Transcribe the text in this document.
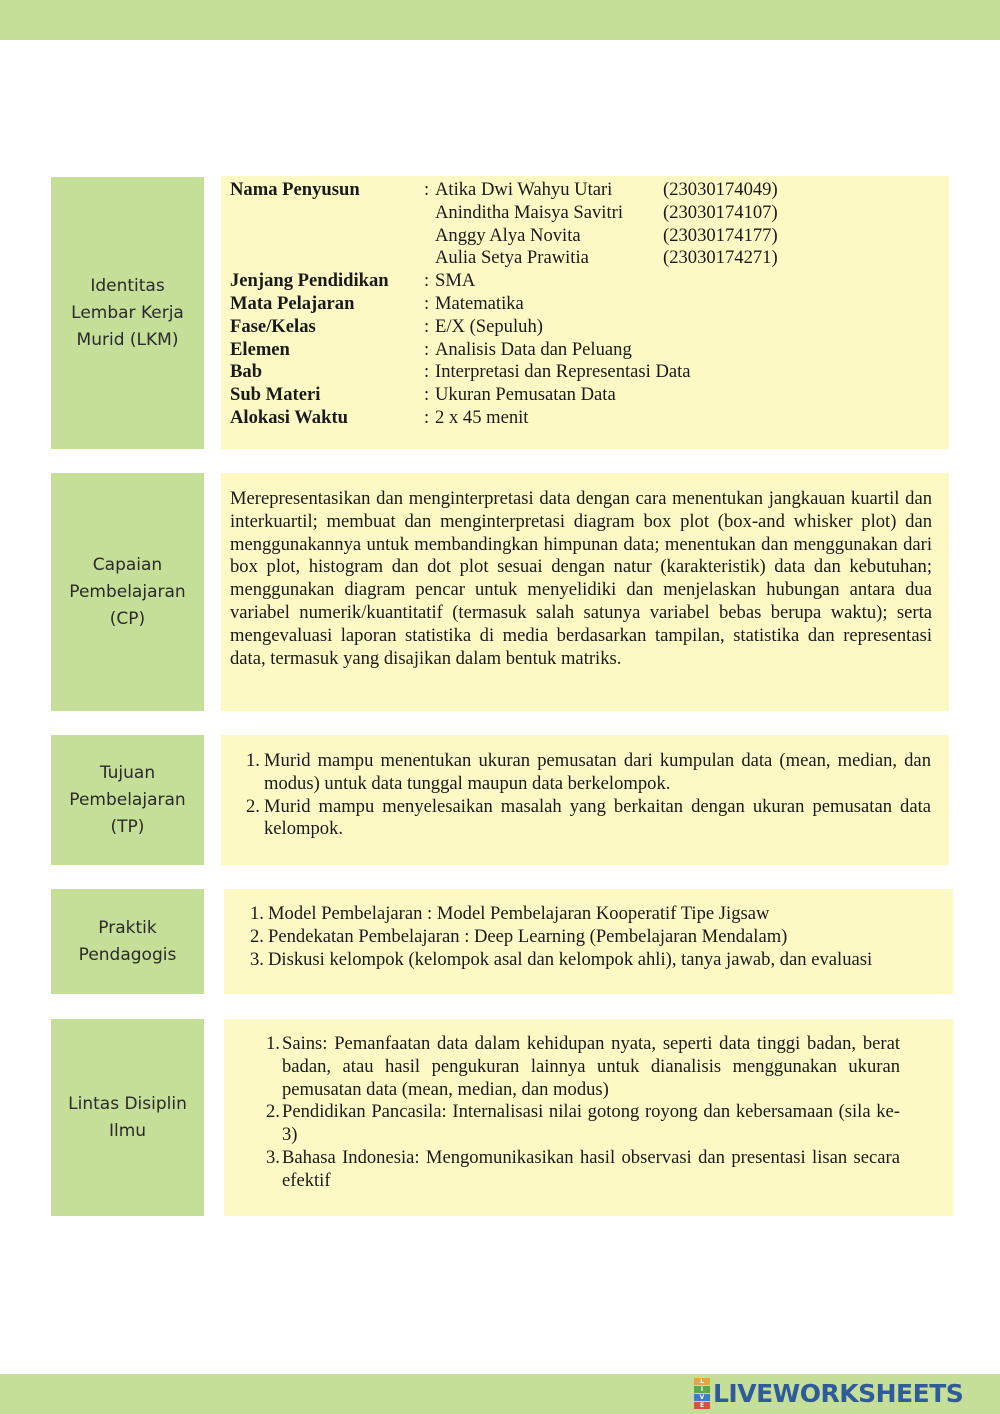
Identitas
Lembar Kerja
Murid (LKM)
Nama Penyusun	: Atika Dwi Wahyu Utari	(23030174049)
Aninditha Maisya Savitri	(23030174107)
Anggy Alya Novita	(23030174177)
Aulia Setya Prawitia	(23030174271)
Jenjang Pendidikan	: SMA
Mata Pelajaran	: Matematika
Fase/Kelas	: E/X (Sepuluh)
Elemen	: Analisis Data dan Peluang
Bab	: Interpretasi dan Representasi Data
Sub Materi	: Ukuran Pemusatan Data
Alokasi Waktu	: 2 x 45 menit
Capaian
Pembelajaran
(CP)
Merepresentasikan dan menginterpretasi data dengan cara menentukan jangkauan kuartil dan interkuartil; membuat dan menginterpretasi diagram box plot (box-and whisker plot) dan menggunakannya untuk membandingkan himpunan data; menentukan dan menggunakan dari box plot, histogram dan dot plot sesuai dengan natur (karakteristik) data dan kebutuhan; menggunakan diagram pencar untuk menyelidiki dan menjelaskan hubungan antara dua variabel numerik/kuantitatif (termasuk salah satunya variabel bebas berupa waktu); serta mengevaluasi laporan statistika di media berdasarkan tampilan, statistika dan representasi data, termasuk yang disajikan dalam bentuk matriks.
Tujuan
Pembelajaran
(TP)
1. Murid mampu menentukan ukuran pemusatan dari kumpulan data (mean, median, dan modus) untuk data tunggal maupun data berkelompok.
2. Murid mampu menyelesaikan masalah yang berkaitan dengan ukuran pemusatan data kelompok.
Praktik
Pendagogis
1. Model Pembelajaran : Model Pembelajaran Kooperatif Tipe Jigsaw
2. Pendekatan Pembelajaran : Deep Learning (Pembelajaran Mendalam)
3. Diskusi kelompok (kelompok asal dan kelompok ahli), tanya jawab, dan evaluasi
Lintas Disiplin
Ilmu
1. Sains: Pemanfaatan data dalam kehidupan nyata, seperti data tinggi badan, berat badan, atau hasil pengukuran lainnya untuk dianalisis menggunakan ukuran pemusatan data (mean, median, dan modus)
2. Pendidikan Pancasila: Internalisasi nilai gotong royong dan kebersamaan (sila ke-3)
3. Bahasa Indonesia: Mengomunikasikan hasil observasi dan presentasi lisan secara efektif
L
I
V
E LIVEWORKSHEETS
